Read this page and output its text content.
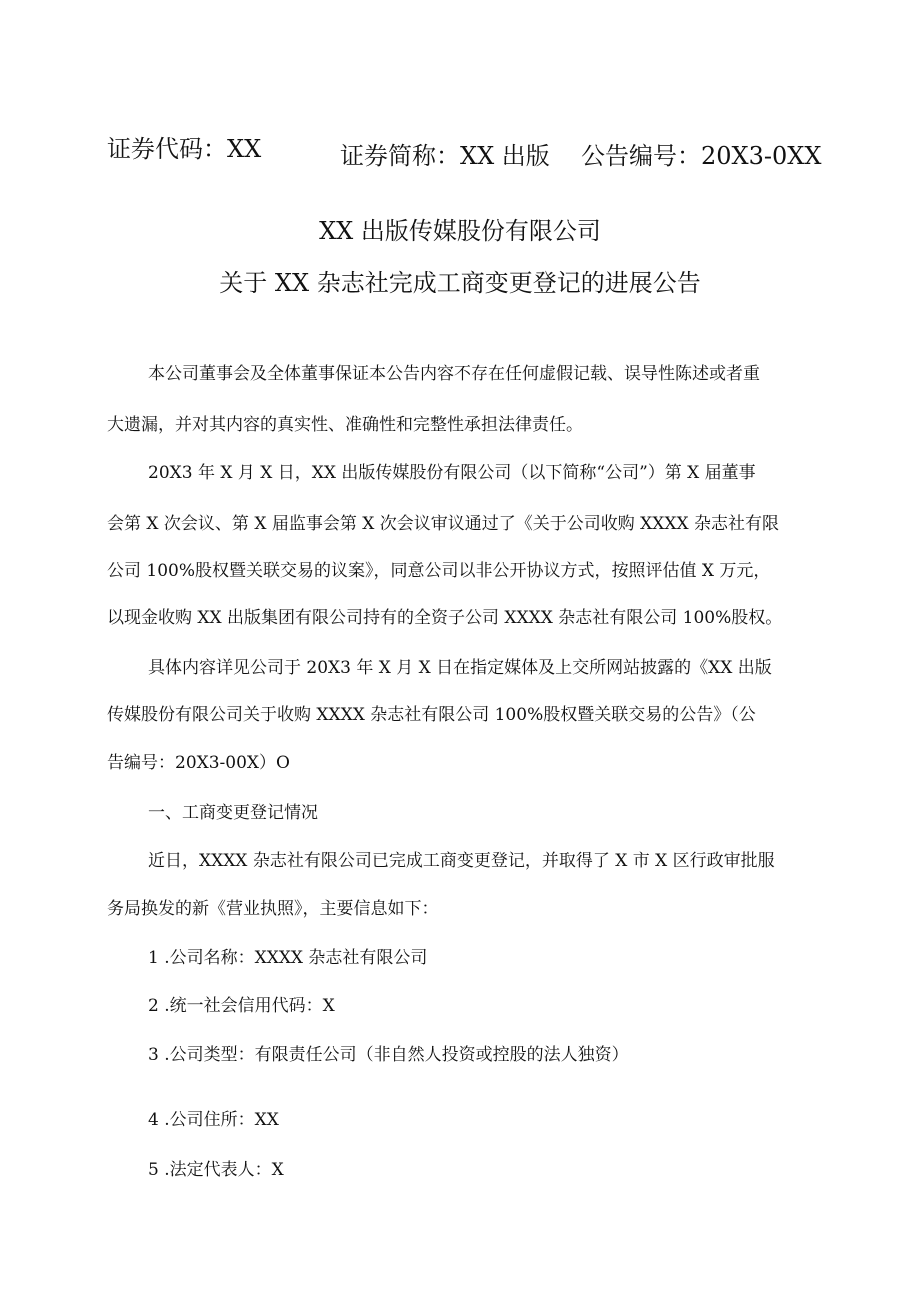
证券代码：XX	证券简称：XX 出版 公告编号：20X3-0XX
XX 出版传媒股份有限公司
关于 XX 杂志社完成工商变更登记的进展公告
本公司董事会及全体董事保证本公告内容不存在任何虚假记载、误导性陈述或者重
大遗漏，并对其内容的真实性、准确性和完整性承担法律责任。
20X3 年 X 月 X 日，XX 出版传媒股份有限公司（以下简称“公司”）第 X 届董事
会第 X 次会议、第 X 届监事会第 X 次会议审议通过了《关于公司收购 XXXX 杂志社有限
公司 100%股权暨关联交易的议案》，同意公司以非公开协议方式，按照评估值 X 万元，
以现金收购 XX 出版集团有限公司持有的全资子公司 XXXX 杂志社有限公司 100%股权。
具体内容详见公司于 20X3 年 X 月 X 日在指定媒体及上交所网站披露的《XX 出版
传媒股份有限公司关于收购 XXXX 杂志社有限公司 100%股权暨关联交易的公告》（公
告编号：20X3-00X）O
一、工商变更登记情况
近日，XXXX 杂志社有限公司已完成工商变更登记，并取得了 X 市 X 区行政审批服
务局换发的新《营业执照》，主要信息如下：
1 .公司名称：XXXX 杂志社有限公司
2 .统一社会信用代码：X
3 .公司类型：有限责任公司（非自然人投资或控股的法人独资）
4 .公司住所：XX
5 .法定代表人：X
